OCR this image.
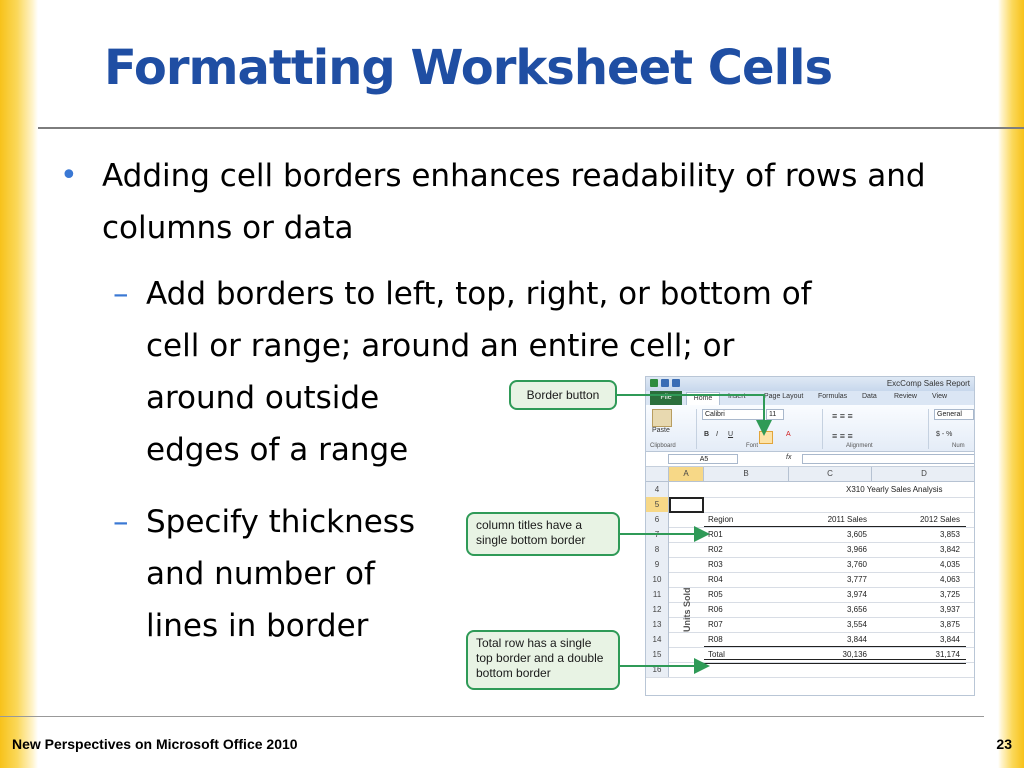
Formatting Worksheet Cells
• Adding cell borders enhances readability of rows and columns or data
– Add borders to left, top, right, or bottom of
cell or range; around an entire cell; or
around outside
edges of a range
– Specify thickness
and number of
lines in border
ExcComp Sales Report
File	Home	Insert	Page Layout Formulas Data Review View
Paste
Clipboard
Calibri	11
B I U	A
Font
≡ ≡ ≡
≡ ≡ ≡
Alignment
General
$ - %
Num
A5	fx
A	B	C	D
4
5
6	Region	2011 Sales	2012 Sales
7	R01	3,605	3,853
8	R02	3,966	3,842
9	R03	3,760	4,035
10	R04	3,777	4,063
11	R05	3,974	3,725
12	R06	3,656	3,937
13	R07	3,554	3,875
14	R08	3,844	3,844
15	Total	30,136	31,174
16
X310 Yearly Sales Analysis
Units Sold
Border button
column titles have a single bottom border
Total row has a single top border and a double bottom border
New Perspectives on Microsoft Office 2010	23
